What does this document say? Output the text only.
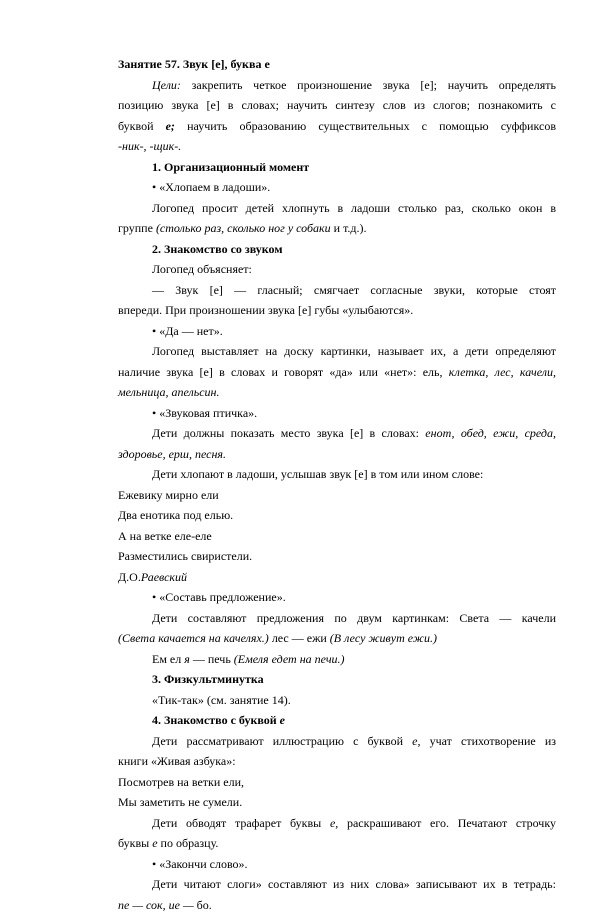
Занятие 57. Звук [е], буква е

Цели: закрепить четкое произношение звука [е]; научить определять

позицию звука [е] в словах; научить синтезу слов из слогов; познакомить с

буквой е; научить образованию существительных с помощью суффиксов

-ник-, -щик-.

1. Организационный момент

• «Хлопаем в ладоши».

Логопед просит детей хлопнуть в ладоши столько раз, сколько окон в

группе (столько раз, сколько ног у собаки и т.д.).

2. Знакомство со звуком

Логопед объясняет:

— Звук [е] — гласный; смягчает согласные звуки, которые стоят

впереди. При произношении звука [е] губы «улыбаются».

• «Да — нет».

Логопед выставляет на доску картинки, называет их, а дети определяют

наличие звука [е] в словах и говорят «да» или «нет»: ель, клетка, лес, качели,

мельница, апельсин.

• «Звуковая птичка».

Дети должны показать место звука [е] в словах: енот, обед, ежи, среда,

здоровье, ерш, песня.

Дети хлопают в ладоши, услышав звук [е] в том или ином слове:

Ежевику мирно ели

Два енотика под елью.

А на ветке еле-еле

Разместились свиристели.

Д.О.Раевский

• «Составь предложение».

Дети составляют предложения по двум картинкам: Света — качели

(Света качается на качелях.) лес — ежи (В лесу живут ежи.)

Ем ел я — печь (Емеля едет на печи.)

3. Физкультминутка

«Тик-так» (см. занятие 14).

4. Знакомство с буквой е

Дети рассматривают иллюстрацию с буквой е, учат стихотворение из

книги «Живая азбука»:

Посмотрев на ветки ели,

Мы заметить не сумели.

Дети обводят трафарет буквы е, раскрашивают его. Печатают строчку

буквы е по образцу.

• «Закончи слово».

Дети читают слоги» составляют из них слова» записывают их в тетрадь:

пе — сок, ие — бо.
